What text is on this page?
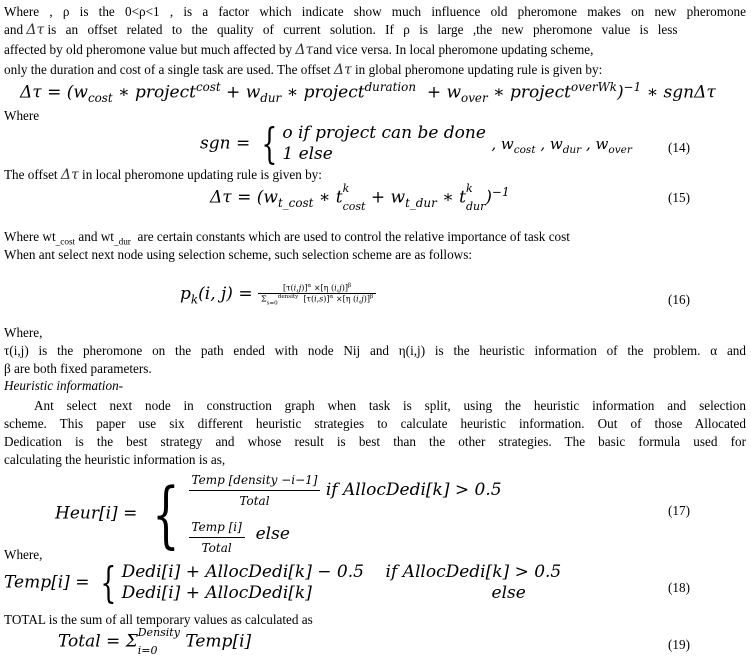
Where , ρ is the 0<ρ<1 , is a factor which indicate show much influence old pheromone makes on new pheromone
and Δτ is an offset related to the quality of current solution. If ρ is large ,the new pheromone value is less
affected by old pheromone value but much affected by Δτand vice versa. In local pheromone updating scheme,
only the duration and cost of a single task are used. The offset Δτ in global pheromone updating rule is given by:
$\Delta\tau = (w_{cost}$ ∗ project$^{cost}$ + $w_{dur}$ ∗ project$^{duration}$  + $w_{over}$ ∗ project$^{overWk}$)$^{-1}$ ∗ sgnΔτ
Where
sgn = { o if project can be done
1 else , $w_{cost}$ , $w_{dur}$ , $w_{over}$	(14)
The offset Δτ in local pheromone updating rule is given by:
$\Delta\tau = (w_{t\_cost}$ ∗ $t^k$
$_{cost} + w_{t\_dur}$ ∗ $t^k$
$_{dur}$)$^{-1}$	(15)
Where $wt_{\_cost}$ and $wt_{\_dur}$  are certain constants which are used to control the relative importance of task cost
When ant select next node using selection scheme, such selection scheme are as follows:
$p_k(i$, $j) = \frac{[\tau(i,j)]^\alpha \times[\eta (i,j)]^\beta}{\Sigma_{s=0}^{density} [\tau(i,s)]^\alpha \times[\eta (i,j)]^\beta}$	(16)
Where,
τ(i,j) is the pheromone on the path ended with node Nij and η(i,j) is the heuristic information of the problem. α and
β are both fixed parameters.
Heuristic information-
Ant select next node in construction graph when task is split, using the heuristic information and selection
scheme. This paper use six different heuristic strategies to calculate heuristic information. Out of those Allocated
Dedication is the best strategy and whose result is best than the other strategies. The basic formula used for
calculating the heuristic information is as,
Heur[i] = { $\frac{\text{Temp [density −i−1]}}{\text{Total}}$ if AllocDedi[k] > 0.5

$\frac{\text{Temp [i]}}{\text{Total}}$ else
(17)
Where,
Temp[i] = { Dedi[i] + AllocDedi[k] − 0.5 if AllocDedi[k] > 0.5
Dedi[i] + AllocDedi[k]	else	(18)
TOTAL is the sum of all temporary values as calculated as
Total = $\Sigma^{Density}$
$_{i=0}$ Temp[i]	(19)
